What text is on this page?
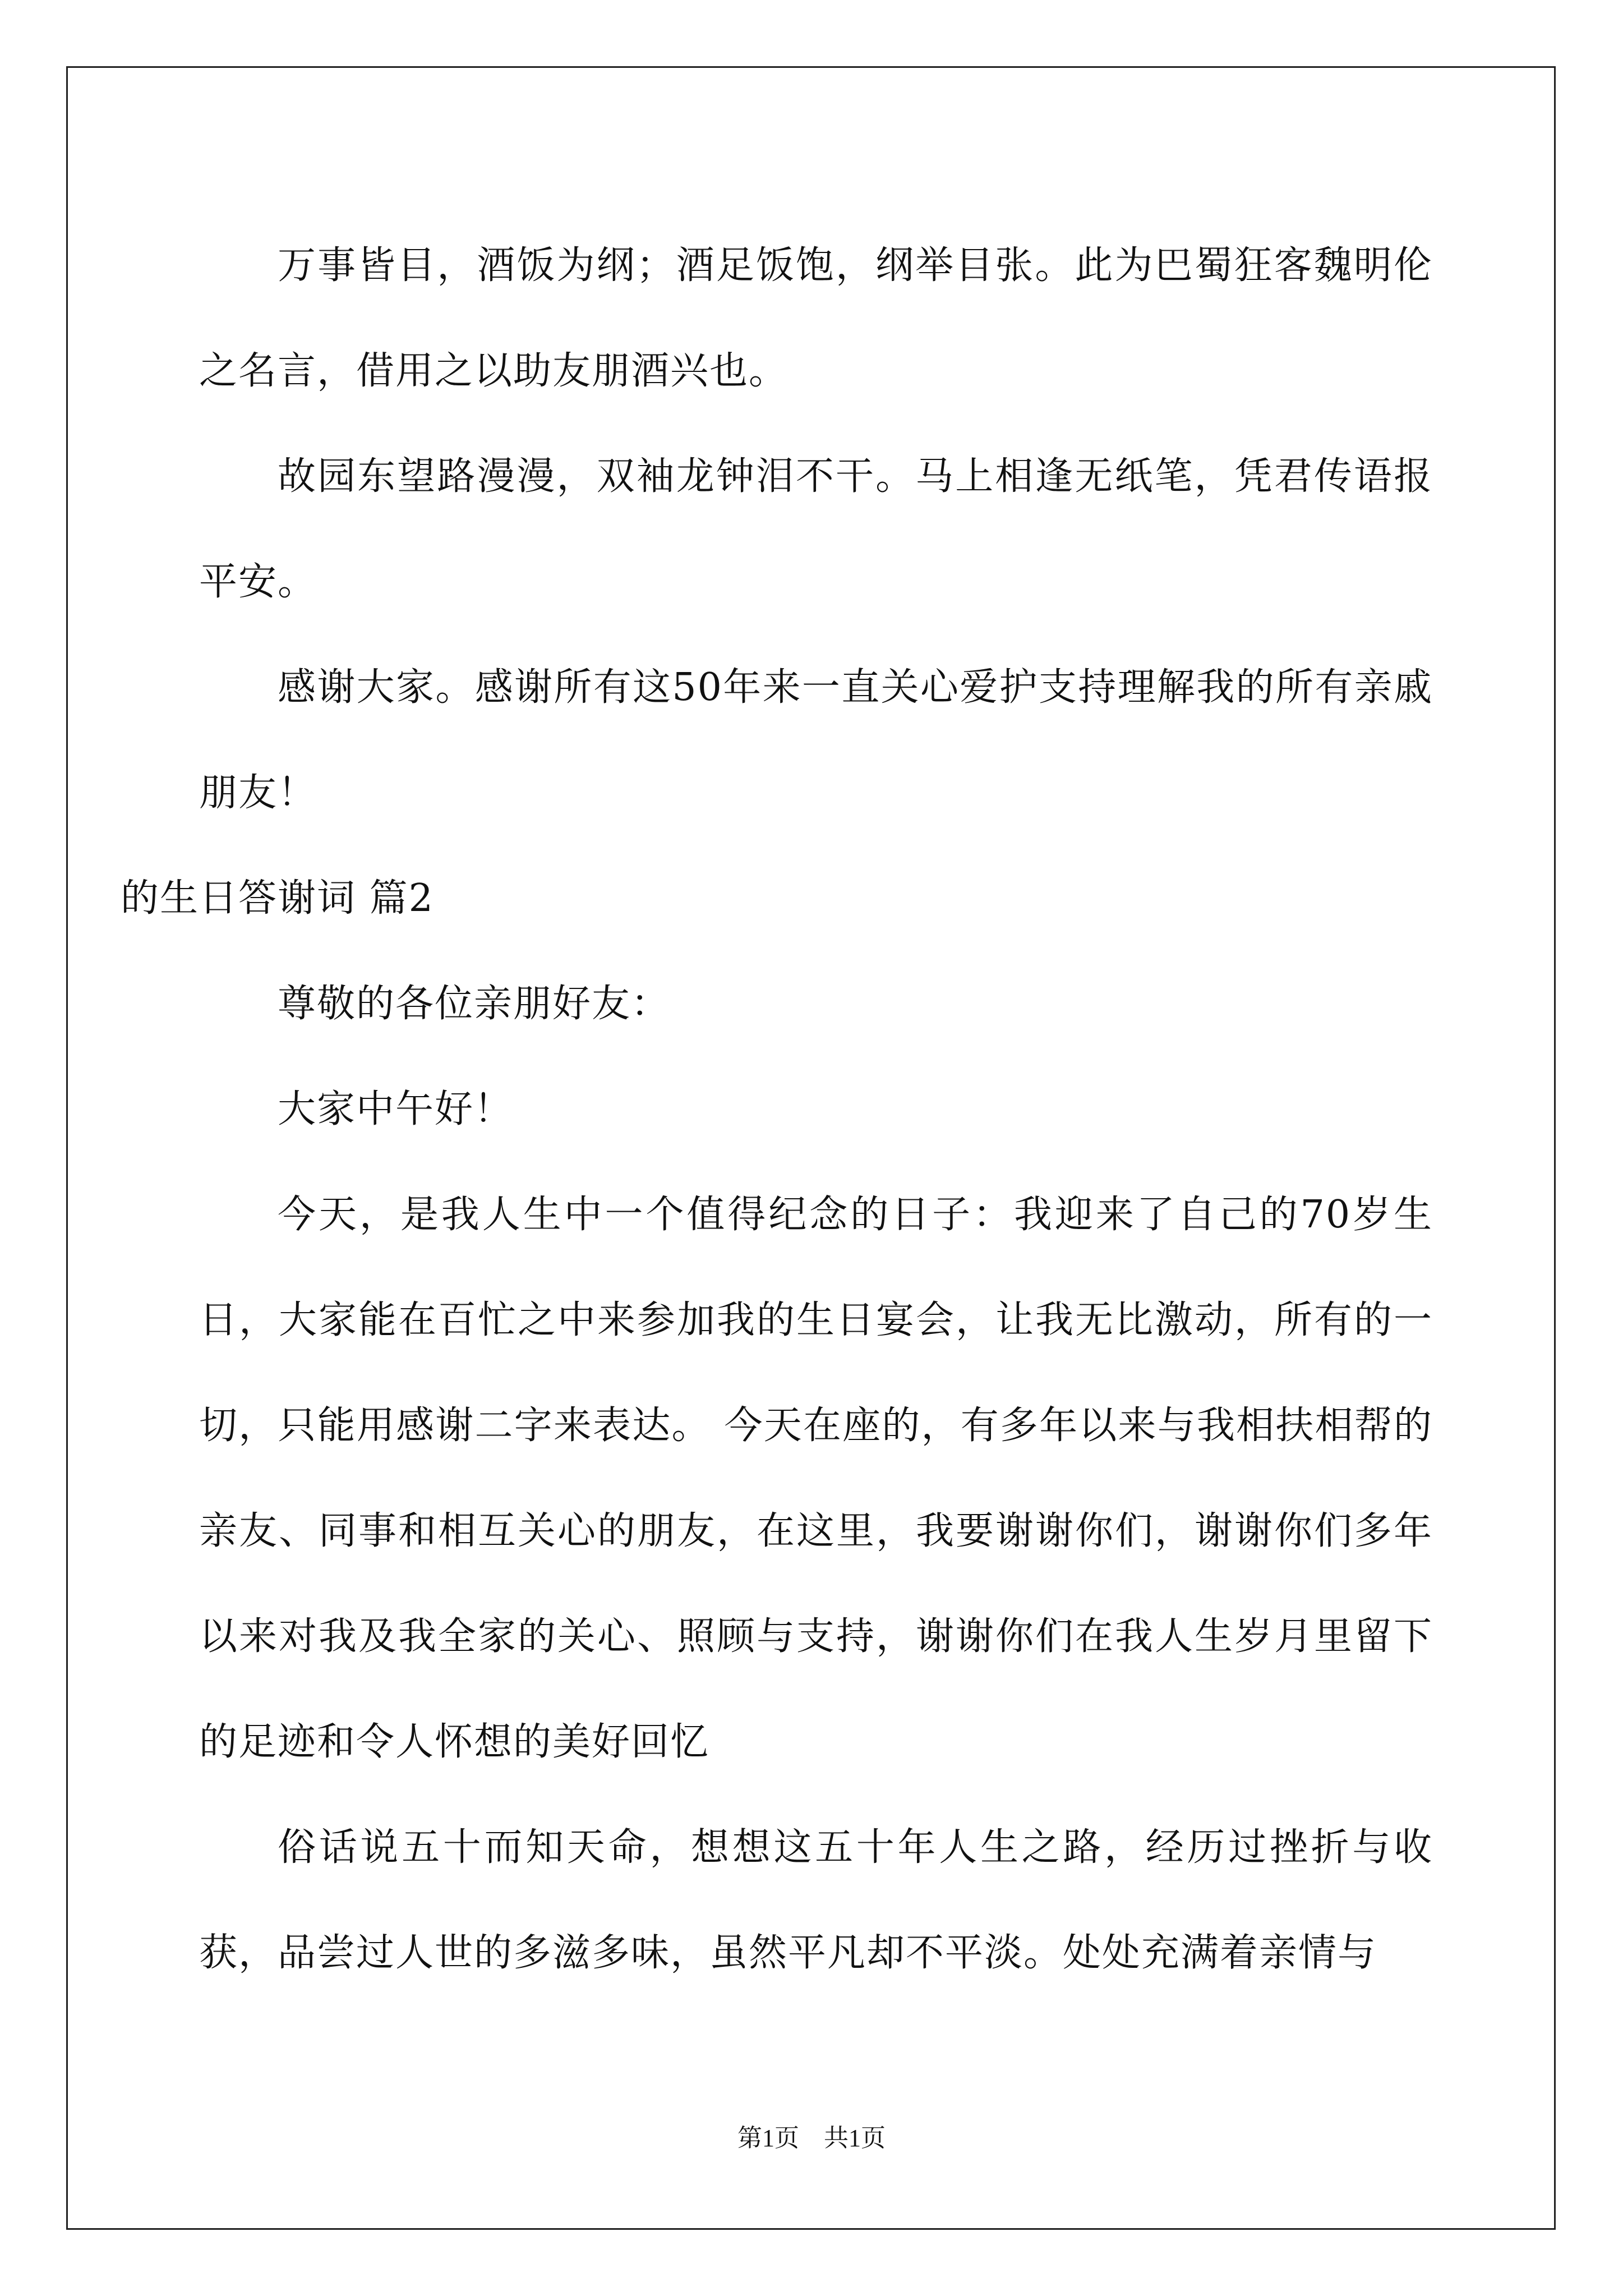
万事皆目，酒饭为纲；酒足饭饱，纲举目张。此为巴蜀狂客魏明伦之名言，借用之以助友朋酒兴也。

故园东望路漫漫，双袖龙钟泪不干。马上相逢无纸笔，凭君传语报平安。

感谢大家。感谢所有这50年来一直关心爱护支持理解我的所有亲戚朋友！

的生日答谢词 篇2

尊敬的各位亲朋好友：

大家中午好！

今天，是我人生中一个值得纪念的日子：我迎来了自己的70岁生日，大家能在百忙之中来参加我的生日宴会，让我无比激动，所有的一切，只能用感谢二字来表达。 今天在座的，有多年以来与我相扶相帮的亲友、同事和相互关心的朋友，在这里，我要谢谢你们，谢谢你们多年以来对我及我全家的关心、照顾与支持，谢谢你们在我人生岁月里留下的足迹和令人怀想的美好回忆

俗话说五十而知天命，想想这五十年人生之路，经历过挫折与收获，品尝过人世的多滋多味，虽然平凡却不平淡。处处充满着亲情与

第1页　共1页
